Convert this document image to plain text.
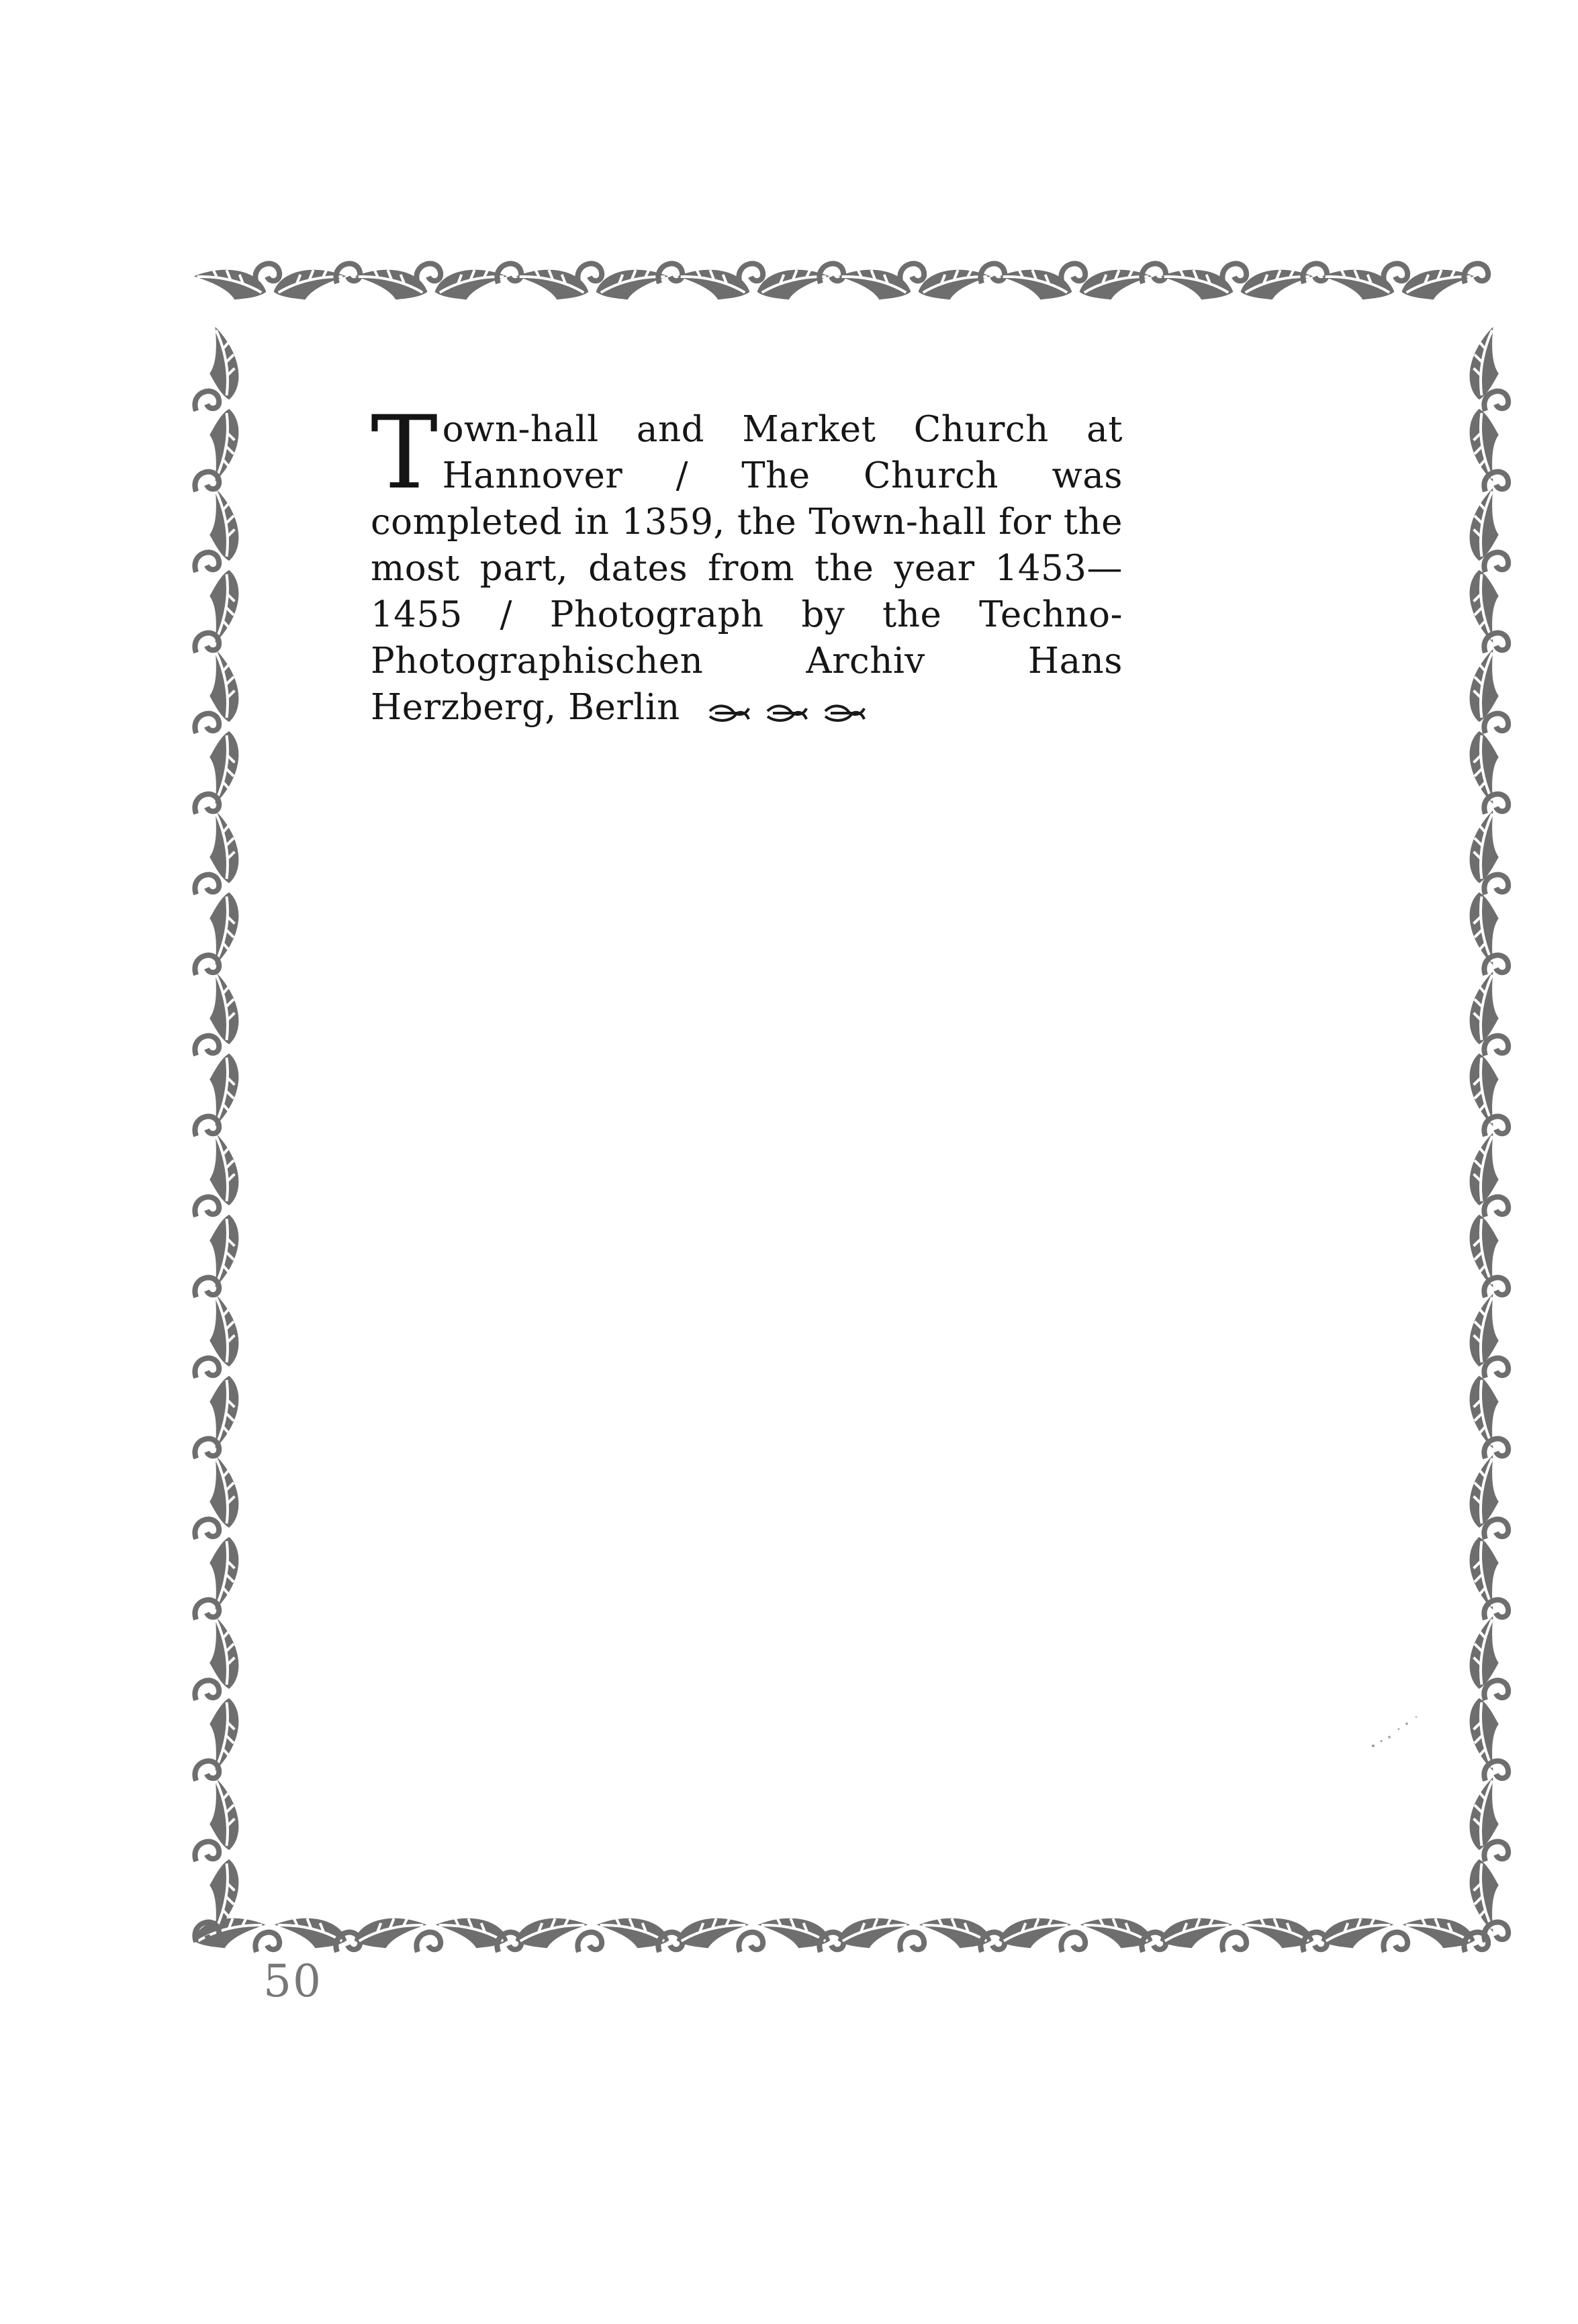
Town-hall and Market Church at Hannover / The Church was completed in 1359, the Town-hall for the most part, dates from the year 1453—1455 / Photograph by the Techno-Photographischen Archiv Hans Herzberg, Berlin
50
